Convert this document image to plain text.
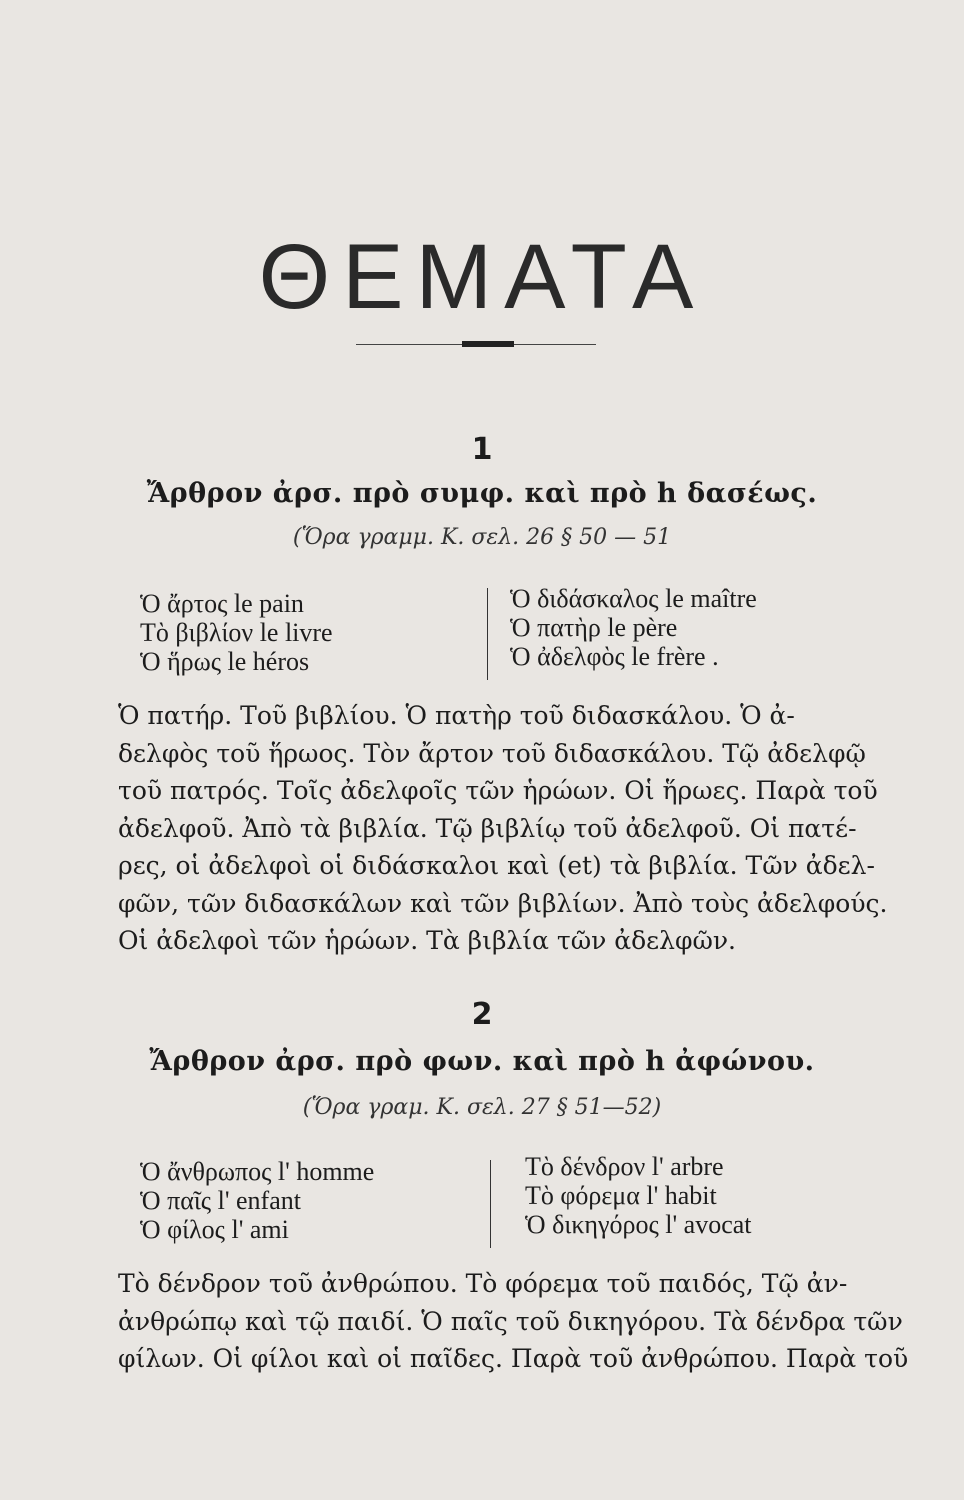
ΘΕΜΑΤΑ
1
Ἄρθρον ἀρσ. πρὸ συμφ. καὶ πρὸ h δασέως.
(Ὅρα γραμμ. Κ. σελ. 26 § 50 — 51
Ὁ ἄρτος le pain
Τὸ βιβλίον le livre
Ὁ ἥρως le héros
Ὁ διδάσκαλος le maître
Ὁ πατὴρ le père
Ὁ ἀδελφὸς le frère .
Ὁ πατήρ. Τοῦ βιβλίου. Ὁ πατὴρ τοῦ διδασκάλου. Ὁ ἀ-
δελφὸς τοῦ ἥρωος. Τὸν ἄρτον τοῦ διδασκάλου. Τῷ ἀδελφῷ
τοῦ πατρός. Τοῖς ἀδελφοῖς τῶν ἡρώων. Οἱ ἥρωες. Παρὰ τοῦ
ἀδελφοῦ. Ἀπὸ τὰ βιβλία. Τῷ βιβλίῳ τοῦ ἀδελφοῦ. Οἱ πατέ-
ρες, οἱ ἀδελφοὶ οἱ διδάσκαλοι καὶ (et) τὰ βιβλία. Τῶν ἀδελ-
φῶν, τῶν διδασκάλων καὶ τῶν βιβλίων. Ἀπὸ τοὺς ἀδελφούς.
Οἱ ἀδελφοὶ τῶν ἡρώων. Τὰ βιβλία τῶν ἀδελφῶν.
2
Ἄρθρον ἀρσ. πρὸ φων. καὶ πρὸ h ἀφώνου.
(Ὅρα γραμ. Κ. σελ. 27 § 51—52)
Ὁ ἄνθρωπος l' homme
Ὁ παῖς l' enfant
Ὁ φίλος l' ami
Τὸ δένδρον l' arbre
Τὸ φόρεμα l' habit
Ὁ δικηγόρος l' avocat
Τὸ δένδρον τοῦ ἀνθρώπου. Τὸ φόρεμα τοῦ παιδός, Τῷ ἀν-
ἀνθρώπῳ καὶ τῷ παιδί. Ὁ παῖς τοῦ δικηγόρου. Τὰ δένδρα τῶν
φίλων. Οἱ φίλοι καὶ οἱ παῖδες. Παρὰ τοῦ ἀνθρώπου. Παρὰ τοῦ
